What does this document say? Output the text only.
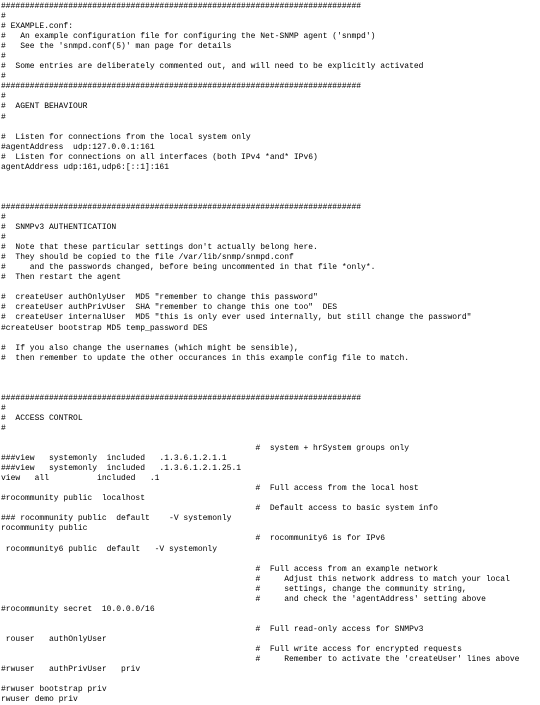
###########################################################################
#
# EXAMPLE.conf:
#   An example configuration file for configuring the Net-SNMP agent ('snmpd')
#   See the 'snmpd.conf(5)' man page for details
#
#  Some entries are deliberately commented out, and will need to be explicitly activated
#
###########################################################################
#
#  AGENT BEHAVIOUR
#
#  Listen for connections from the local system only
#agentAddress  udp:127.0.0.1:161
#  Listen for connections on all interfaces (both IPv4 *and* IPv6)
agentAddress udp:161,udp6:[::1]:161
###########################################################################
#
#  SNMPv3 AUTHENTICATION
#
#  Note that these particular settings don't actually belong here.
#  They should be copied to the file /var/lib/snmp/snmpd.conf
#     and the passwords changed, before being uncommented in that file *only*.
#  Then restart the agent
#  createUser authOnlyUser  MD5 "remember to change this password"
#  createUser authPrivUser  SHA "remember to change this one too"  DES
#  createUser internalUser  MD5 "this is only ever used internally, but still change the password"
#createUser bootstrap MD5 temp_password DES
#  If you also change the usernames (which might be sensible),
#  then remember to update the other occurances in this example config file to match.
###########################################################################
#
#  ACCESS CONTROL
#
#  system + hrSystem groups only
###view   systemonly  included   .1.3.6.1.2.1.1
###view   systemonly  included   .1.3.6.1.2.1.25.1
view   all          included   .1
#  Full access from the local host
#rocommunity public  localhost
#  Default access to basic system info
### rocommunity public  default    -V systemonly
rocommunity public
#  rocommunity6 is for IPv6
rocommunity6 public  default   -V systemonly
#  Full access from an example network
#     Adjust this network address to match your local
#     settings, change the community string,
#     and check the 'agentAddress' setting above
#rocommunity secret  10.0.0.0/16
#  Full read-only access for SNMPv3
rouser   authOnlyUser
#  Full write access for encrypted requests
#     Remember to activate the 'createUser' lines above
#rwuser   authPrivUser   priv
#rwuser bootstrap priv
rwuser demo priv
